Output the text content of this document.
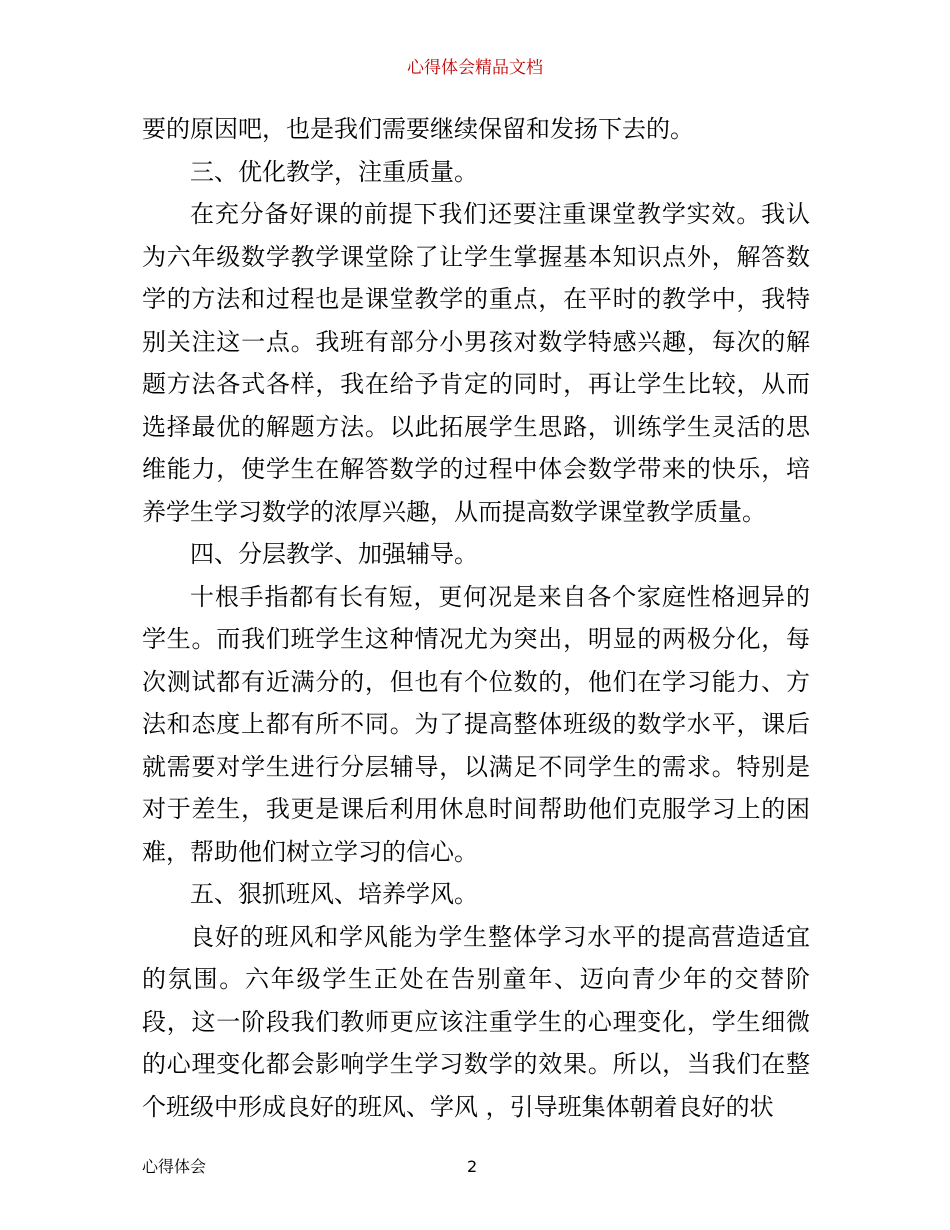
心得体会精品文档

要的原因吧，也是我们需要继续保留和发扬下去的。

三、优化教学，注重质量。

在充分备好课的前提下我们还要注重课堂教学实效。我认为六年级数学教学课堂除了让学生掌握基本知识点外，解答数学的方法和过程也是课堂教学的重点，在平时的教学中，我特别关注这一点。我班有部分小男孩对数学特感兴趣，每次的解题方法各式各样，我在给予肯定的同时，再让学生比较，从而选择最优的解题方法。以此拓展学生思路，训练学生灵活的思维能力，使学生在解答数学的过程中体会数学带来的快乐，培养学生学习数学的浓厚兴趣，从而提高数学课堂教学质量。

四、分层教学、加强辅导。

十根手指都有长有短，更何况是来自各个家庭性格迥异的学生。而我们班学生这种情况尤为突出，明显的两极分化，每次测试都有近满分的，但也有个位数的，他们在学习能力、方法和态度上都有所不同。为了提高整体班级的数学水平，课后就需要对学生进行分层辅导，以满足不同学生的需求。特别是对于差生，我更是课后利用休息时间帮助他们克服学习上的困难，帮助他们树立学习的信心。

五、狠抓班风、培养学风。

良好的班风和学风能为学生整体学习水平的提高营造适宜的氛围。六年级学生正处在告别童年、迈向青少年的交替阶段，这一阶段我们教师更应该注重学生的心理变化，学生细微的心理变化都会影响学生学习数学的效果。所以，当我们在整个班级中形成良好的班风、学风 ，引导班集体朝着良好的状

心得体会	2
